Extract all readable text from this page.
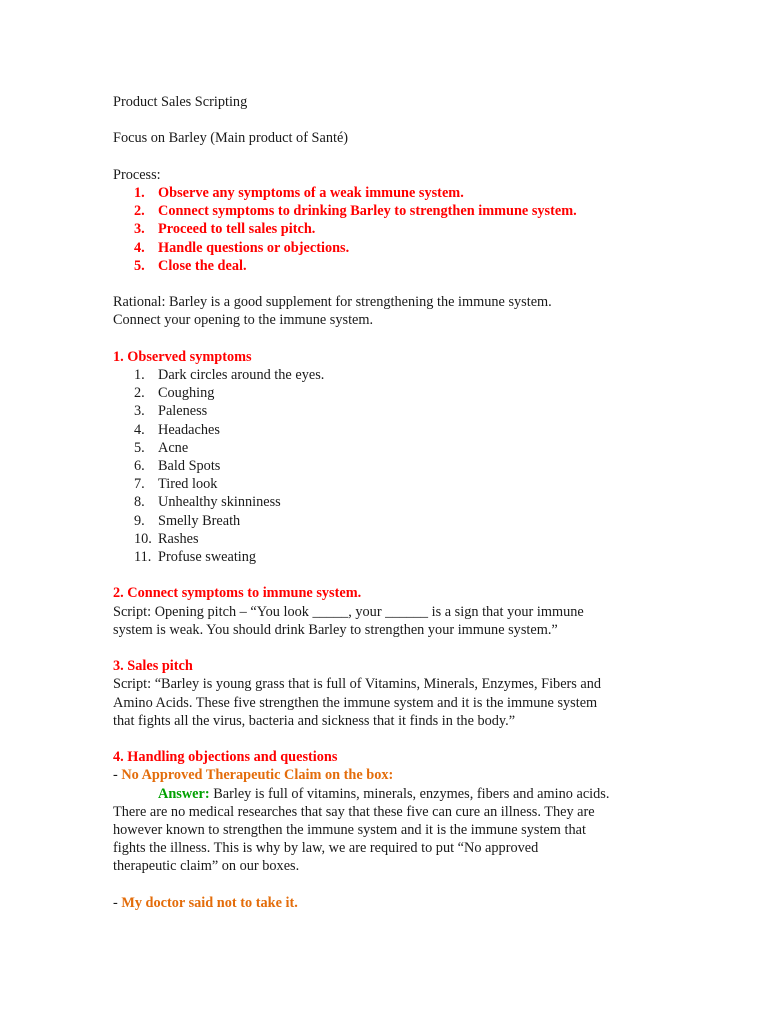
Product Sales Scripting
Focus on Barley (Main product of Santé)
Process:
1. Observe any symptoms of a weak immune system.
2. Connect symptoms to drinking Barley to strengthen immune system.
3. Proceed to tell sales pitch.
4. Handle questions or objections.
5. Close the deal.
Rational: Barley is a good supplement for strengthening the immune system.
Connect your opening to the immune system.
1. Observed symptoms
1. Dark circles around the eyes.
2. Coughing
3. Paleness
4. Headaches
5. Acne
6. Bald Spots
7. Tired look
8. Unhealthy skinniness
9. Smelly Breath
10. Rashes
11. Profuse sweating
2. Connect symptoms to immune system.
Script: Opening pitch – “You look _____, your ______ is a sign that your immune
system is weak. You should drink Barley to strengthen your immune system.”
3. Sales pitch
Script: “Barley is young grass that is full of Vitamins, Minerals, Enzymes, Fibers and
Amino Acids. These five strengthen the immune system and it is the immune system
that fights all the virus, bacteria and sickness that it finds in the body.”
4. Handling objections and questions
- No Approved Therapeutic Claim on the box:
Answer: Barley is full of vitamins, minerals, enzymes, fibers and amino acids.
There are no medical researches that say that these five can cure an illness. They are
however known to strengthen the immune system and it is the immune system that
fights the illness. This is why by law, we are required to put “No approved
therapeutic claim” on our boxes.
- My doctor said not to take it.
